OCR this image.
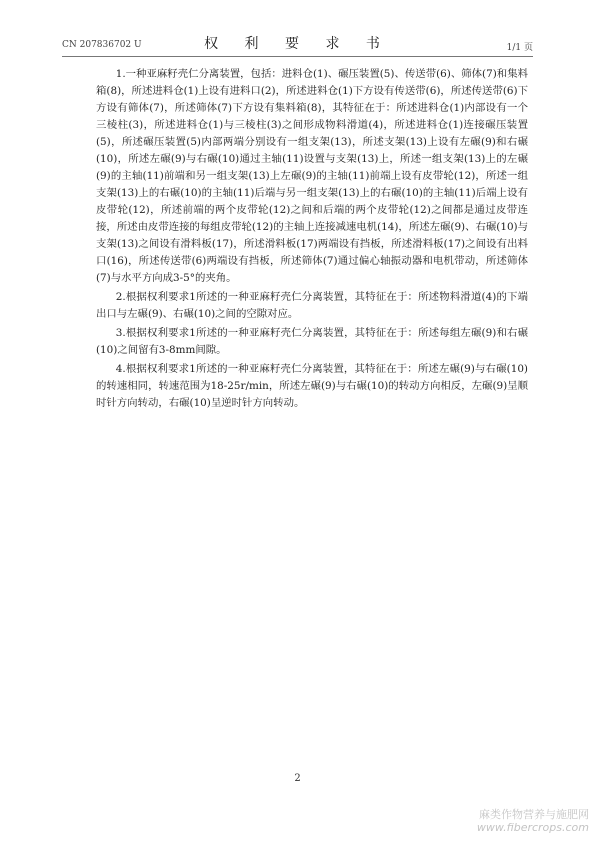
CN 207836702 U	权 利 要 求 书	1/1 页

1.一种亚麻籽壳仁分离装置，包括：进料仓(1)、碾压装置(5)、传送带(6)、筛体(7)和集料箱(8)，所述进料仓(1)上设有进料口(2)，所述进料仓(1)下方设有传送带(6)，所述传送带(6)下方设有筛体(7)，所述筛体(7)下方设有集料箱(8)，其特征在于：所述进料仓(1)内部设有一个三棱柱(3)，所述进料仓(1)与三棱柱(3)之间形成物料滑道(4)，所述进料仓(1)连接碾压装置(5)，所述碾压装置(5)内部两端分别设有一组支架(13)，所述支架(13)上设有左碾(9)和右碾(10)，所述左碾(9)与右碾(10)通过主轴(11)设置与支架(13)上，所述一组支架(13)上的左碾(9)的主轴(11)前端和另一组支架(13)上左碾(9)的主轴(11)前端上设有皮带轮(12)，所述一组支架(13)上的右碾(10)的主轴(11)后端与另一组支架(13)上的右碾(10)的主轴(11)后端上设有皮带轮(12)，所述前端的两个皮带轮(12)之间和后端的两个皮带轮(12)之间都是通过皮带连接，所述由皮带连接的每组皮带轮(12)的主轴上连接减速电机(14)，所述左碾(9)、右碾(10)与支架(13)之间设有滑料板(17)，所述滑料板(17)两端设有挡板，所述滑料板(17)之间设有出料口(16)，所述传送带(6)两端设有挡板，所述筛体(7)通过偏心轴振动器和电机带动，所述筛体(7)与水平方向成3-5°的夹角。

2.根据权利要求1所述的一种亚麻籽壳仁分离装置，其特征在于：所述物料滑道(4)的下端出口与左碾(9)、右碾(10)之间的空隙对应。

3.根据权利要求1所述的一种亚麻籽壳仁分离装置，其特征在于：所述每组左碾(9)和右碾(10)之间留有3-8mm间隙。

4.根据权利要求1所述的一种亚麻籽壳仁分离装置，其特征在于：所述左碾(9)与右碾(10)的转速相同，转速范围为18-25r/min，所述左碾(9)与右碾(10)的转动方向相反，左碾(9)呈顺时针方向转动，右碾(10)呈逆时针方向转动。

2
麻类作物营养与施肥网
www.fibercrops.com
